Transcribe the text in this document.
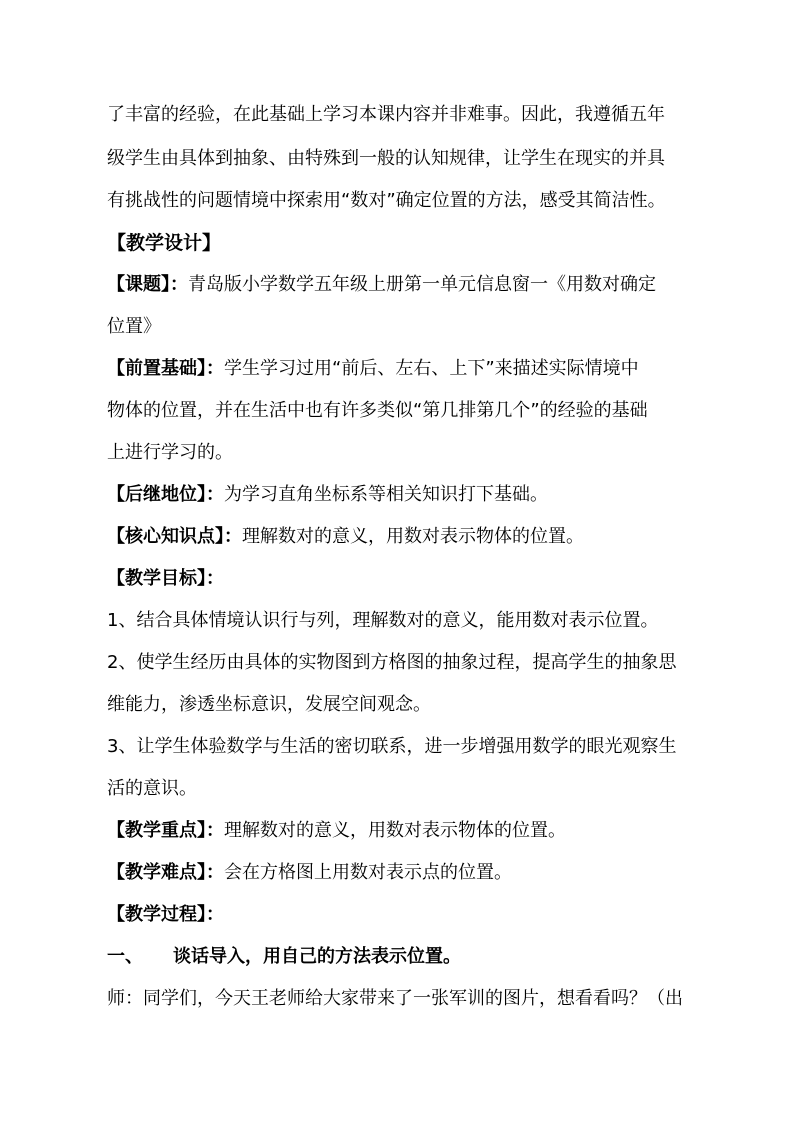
了丰富的经验，在此基础上学习本课内容并非难事。因此，我遵循五年
级学生由具体到抽象、由特殊到一般的认知规律，让学生在现实的并具
有挑战性的问题情境中探索用“数对”确定位置的方法，感受其简洁性。
【教学设计】
【课题】：青岛版小学数学五年级上册第一单元信息窗一《用数对确定
位置》
【前置基础】：学生学习过用“前后、左右、上下”来描述实际情境中
物体的位置，并在生活中也有许多类似“第几排第几个”的经验的基础
上进行学习的。
【后继地位】：为学习直角坐标系等相关知识打下基础。
【核心知识点】：理解数对的意义，用数对表示物体的位置。
【教学目标】：
1、结合具体情境认识行与列，理解数对的意义，能用数对表示位置。
2、使学生经历由具体的实物图到方格图的抽象过程，提高学生的抽象思
维能力，渗透坐标意识，发展空间观念。
3、让学生体验数学与生活的密切联系，进一步增强用数学的眼光观察生
活的意识。
【教学重点】：理解数对的意义，用数对表示物体的位置。
【教学难点】：会在方格图上用数对表示点的位置。
【教学过程】：
一、 谈话导入，用自己的方法表示位置。
师：同学们，今天王老师给大家带来了一张军训的图片，想看看吗？（出
